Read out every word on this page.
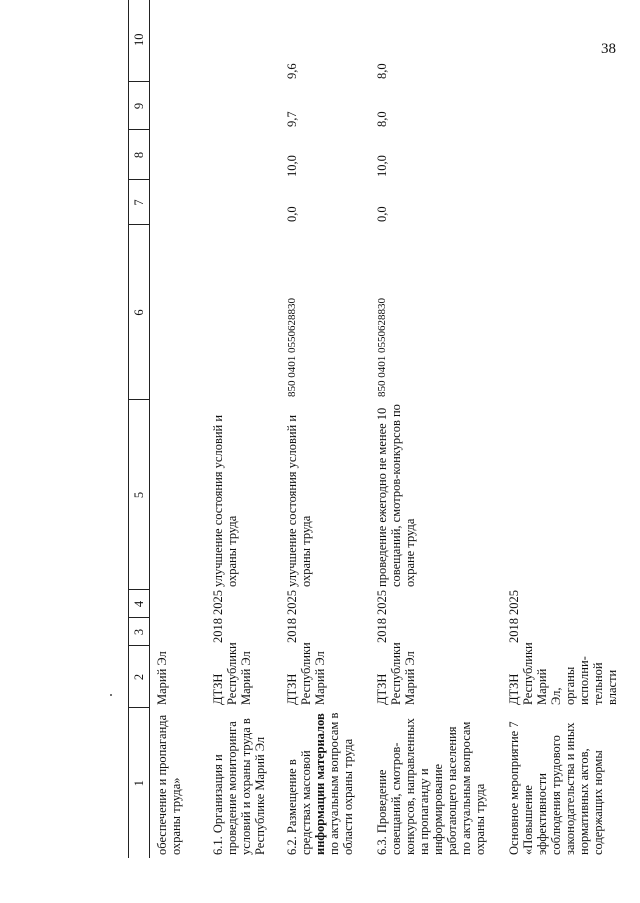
38
1	2	3	4	5	6	7	8	9	10
обеспечение и пропаганда охраны труда»	Марий Эл								
6.1. Организация и проведение мониторинга условий и охраны труда в Республике Марий Эл	ДТЗН Республики Марий Эл	2018	2025	улучшение состояния условий и охраны труда					
6.2. Размещение в средствах массовой информации материалов по актуальным вопросам в области охраны труда	ДТЗН Республики Марий Эл	2018	2025	улучшение состояния условий и охраны труда	850 0401 0550628830	0,0	10,0	9,7	9,6
6.3. Проведение совещаний, смотров-конкурсов, направленных на пропаганду и информирование работающего населения по актуальным вопросам охраны труда	ДТЗН Республики Марий Эл	2018	2025	проведение ежегодно не менее 10 совещаний, смотров-конкурсов по охране труда	850 0401 0550628830	0,0	10,0	8,0	8,0
Основное мероприятие 7 «Повышение эффективности соблюдения трудового законодательства и иных нормативных актов, содержащих нормы	ДТЗН Республики Марий Эл, органы исполни-тельной власти	2018	2025						
